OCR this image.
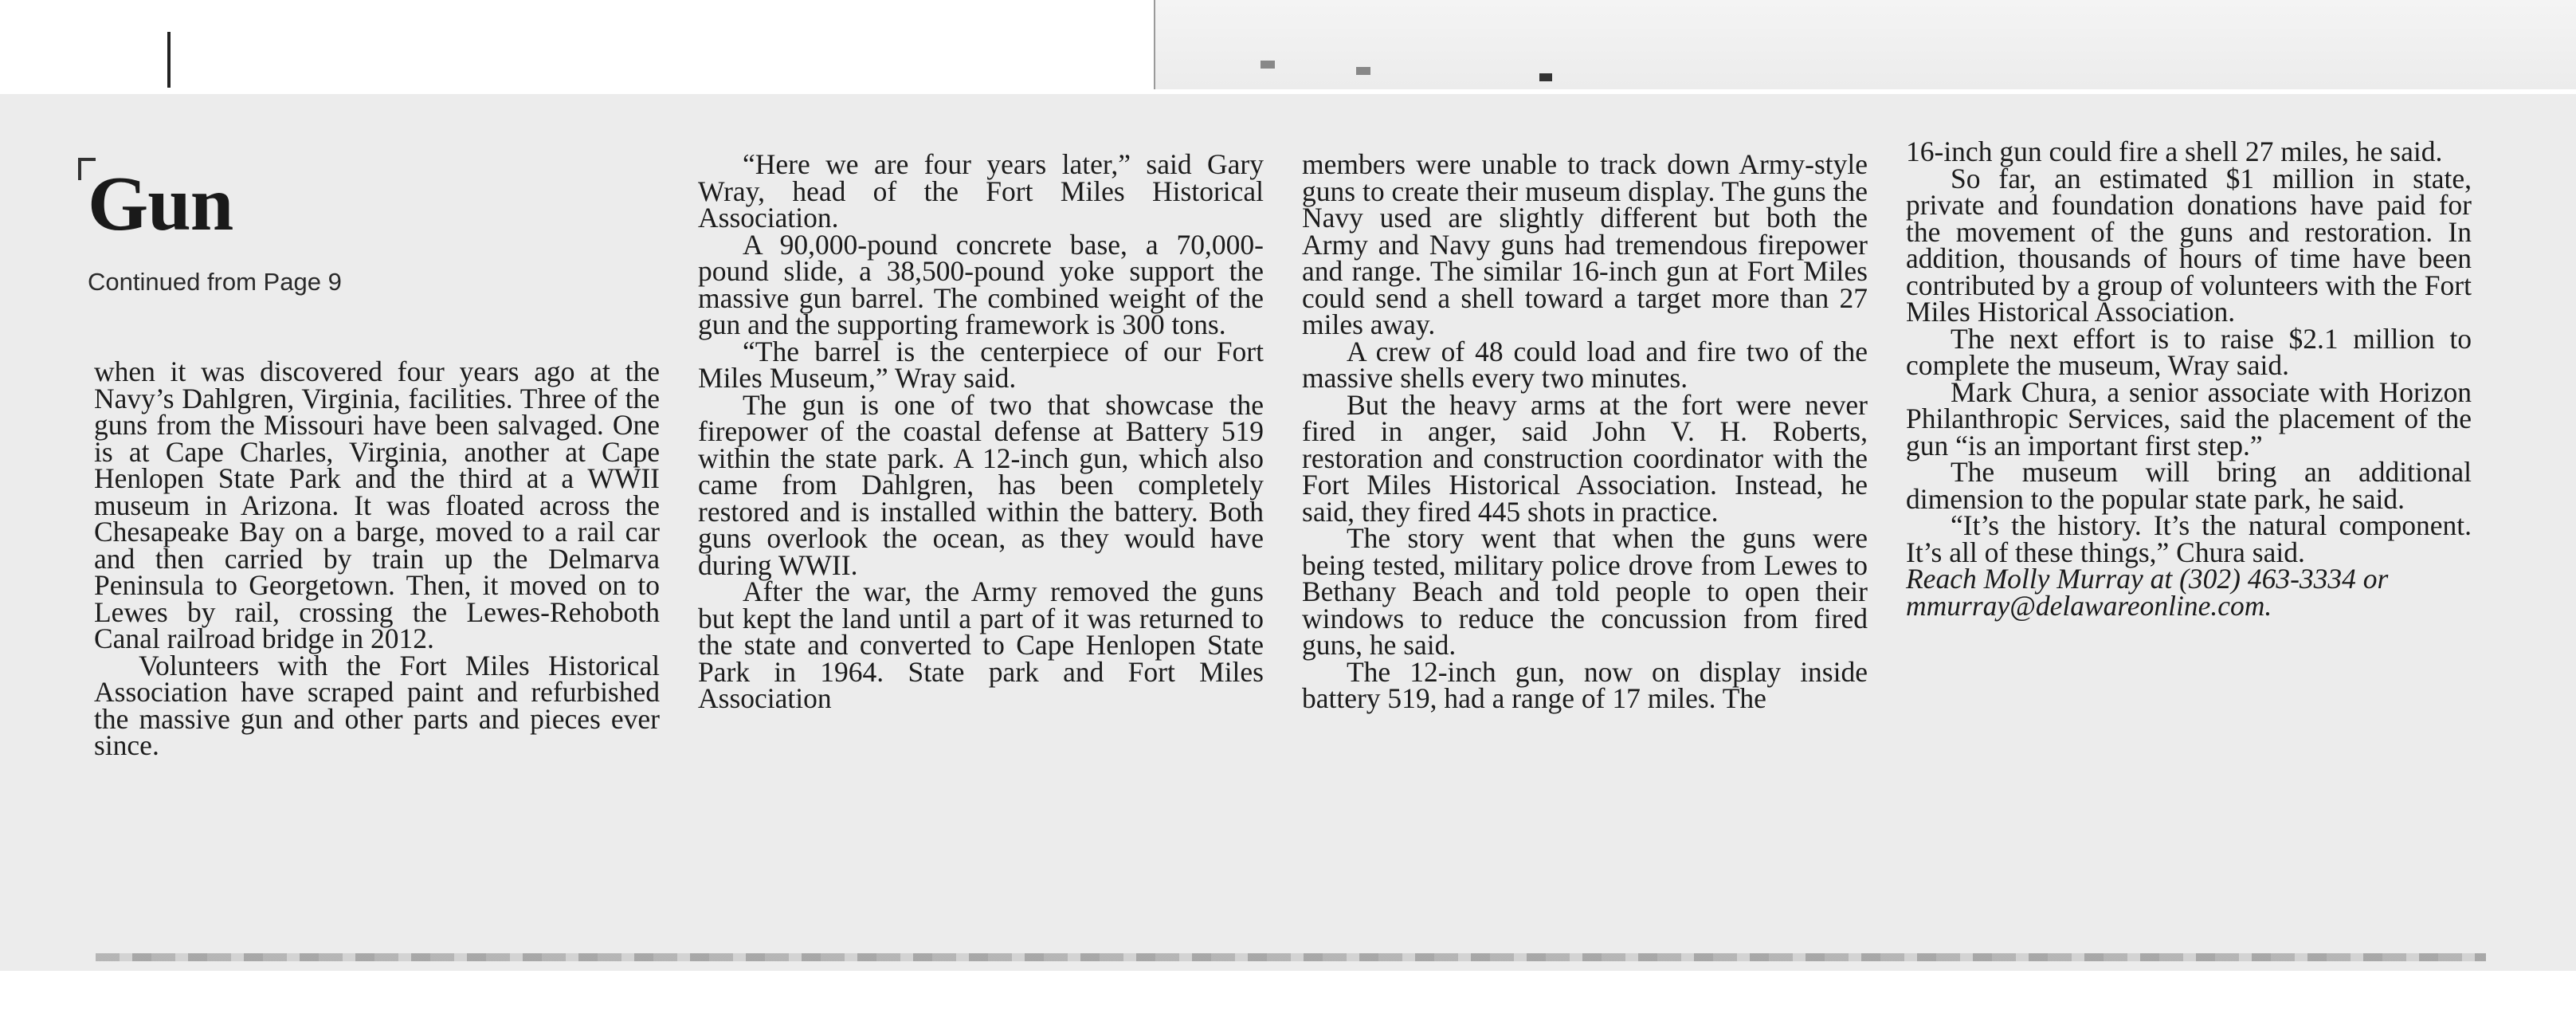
Gun

Continued from Page 9

when it was discovered four years ago at the Navy’s Dahlgren, Virginia, facilities. Three of the guns from the Missouri have been salvaged. One is at Cape Charles, Virginia, another at Cape Henlopen State Park and the third at a WWII museum in Arizona. It was floated across the Chesapeake Bay on a barge, moved to a rail car and then carried by train up the Delmarva Peninsula to Georgetown. Then, it moved on to Lewes by rail, crossing the Lewes-Rehoboth Canal railroad bridge in 2012.

Volunteers with the Fort Miles Historical Association have scraped paint and refurbished the massive gun and other parts and pieces ever since.

“Here we are four years later,” said Gary Wray, head of the Fort Miles Historical Association.

A 90,000-pound concrete base, a 70,000-pound slide, a 38,500-pound yoke support the massive gun barrel. The combined weight of the gun and the supporting framework is 300 tons.

“The barrel is the centerpiece of our Fort Miles Museum,” Wray said.

The gun is one of two that showcase the firepower of the coastal defense at Battery 519 within the state park. A 12-inch gun, which also came from Dahlgren, has been completely restored and is installed within the battery. Both guns overlook the ocean, as they would have during WWII.

After the war, the Army removed the guns but kept the land until a part of it was returned to the state and converted to Cape Henlopen State Park in 1964. State park and Fort Miles Association

members were unable to track down Army-style guns to create their museum display. The guns the Navy used are slightly different but both the Army and Navy guns had tremendous firepower and range. The similar 16-inch gun at Fort Miles could send a shell toward a target more than 27 miles away.

A crew of 48 could load and fire two of the massive shells every two minutes.

But the heavy arms at the fort were never fired in anger, said John V. H. Roberts, restoration and construction coordinator with the Fort Miles Historical Association. Instead, he said, they fired 445 shots in practice.

The story went that when the guns were being tested, military police drove from Lewes to Bethany Beach and told people to open their windows to reduce the concussion from fired guns, he said.

The 12-inch gun, now on display inside battery 519, had a range of 17 miles. The

16-inch gun could fire a shell 27 miles, he said.

So far, an estimated $1 million in state, private and foundation donations have paid for the movement of the guns and restoration. In addition, thousands of hours of time have been contributed by a group of volunteers with the Fort Miles Historical Association.

The next effort is to raise $2.1 million to complete the museum, Wray said.

Mark Chura, a senior associate with Horizon Philanthropic Services, said the placement of the gun “is an important first step.”

The museum will bring an additional dimension to the popular state park, he said.

“It’s the history. It’s the natural component. It’s all of these things,” Chura said.

Reach Molly Murray at (302) 463-3334 or mmurray@delawareonline.com.
